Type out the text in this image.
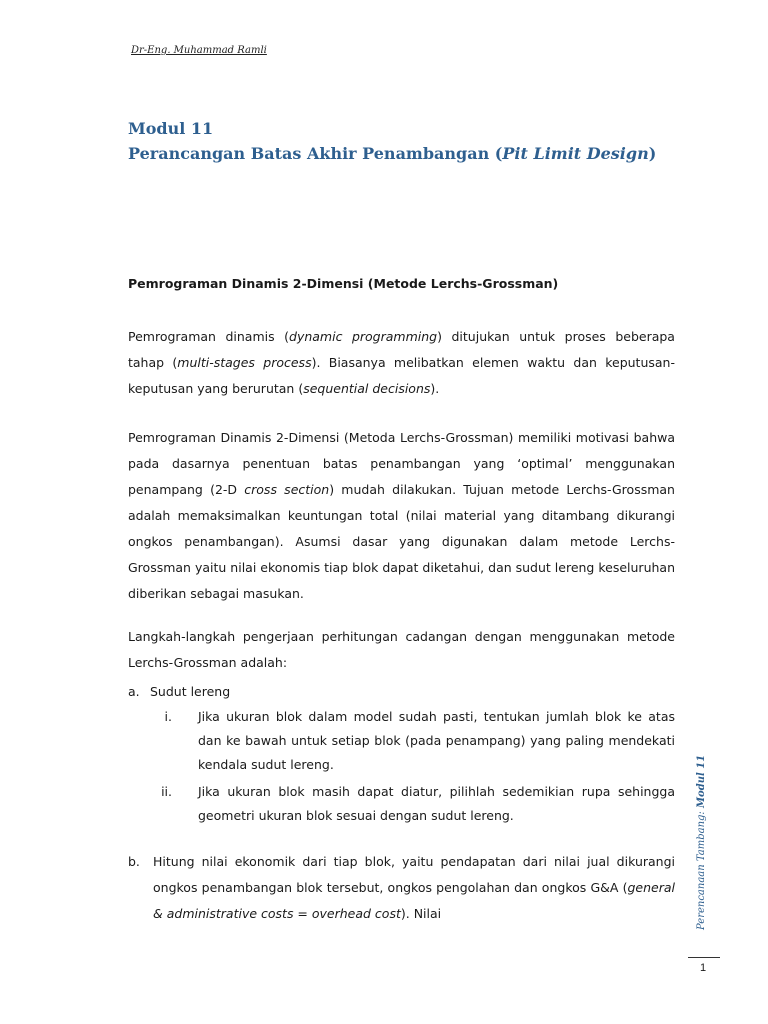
Dr-Eng. Muhammad Ramli

Modul 11

Perancangan Batas Akhir Penambangan (Pit Limit Design)

Pemrograman Dinamis 2-Dimensi (Metode Lerchs-Grossman)

Pemrograman dinamis (dynamic programming) ditujukan untuk proses beberapa tahap (multi-stages process). Biasanya melibatkan elemen waktu dan keputusan-keputusan yang berurutan (sequential decisions).

Pemrograman Dinamis 2-Dimensi (Metoda Lerchs-Grossman) memiliki motivasi bahwa pada dasarnya penentuan batas penambangan yang ‘optimal’ menggunakan penampang (2-D cross section) mudah dilakukan. Tujuan metode Lerchs-Grossman adalah memaksimalkan keuntungan total (nilai material yang ditambang dikurangi ongkos penambangan). Asumsi dasar yang digunakan dalam metode Lerchs-Grossman yaitu nilai ekonomis tiap blok dapat diketahui, dan sudut lereng keseluruhan diberikan sebagai masukan.

Langkah-langkah pengerjaan perhitungan cadangan dengan menggunakan metode Lerchs-Grossman adalah:

a. Sudut lereng
i. Jika ukuran blok dalam model sudah pasti, tentukan jumlah blok ke atas dan ke bawah untuk setiap blok (pada penampang) yang paling mendekati kendala sudut lereng.
ii. Jika ukuran blok masih dapat diatur, pilihlah sedemikian rupa sehingga geometri ukuran blok sesuai dengan sudut lereng.
b. Hitung nilai ekonomik dari tiap blok, yaitu pendapatan dari nilai jual dikurangi ongkos penambangan blok tersebut, ongkos pengolahan dan ongkos G&A (general & administrative costs = overhead cost). Nilai	Perencanaan Tambang: Modul 11
1
